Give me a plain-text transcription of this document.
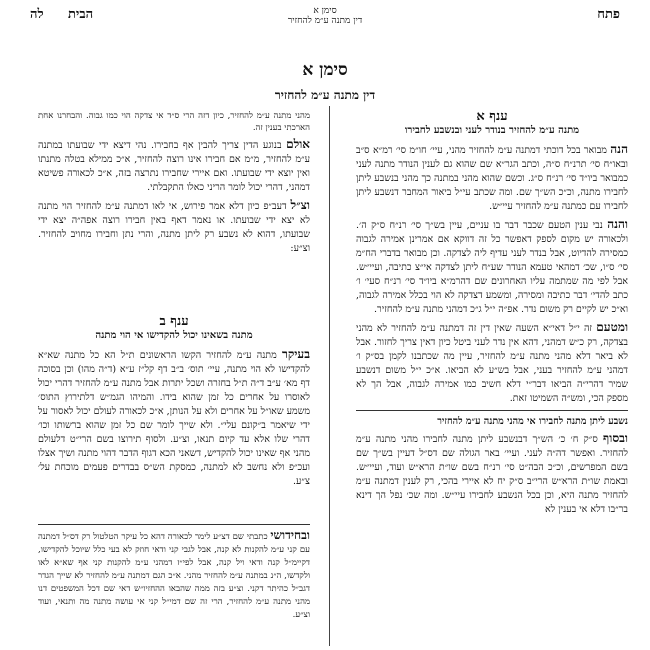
פתח
סימן א
דין מתנה ע״מ להחזיר
הבית
לה
סימן א
דין מתנה ע״מ להחזיר
ענף א
מתנה ע״מ להחזיר בנודר לעני ובנשבע לחבירו

הנה מבואר בכל דוכתי דמתנה ע״מ להחזיר מהני, עיי׳ חו״מ סי׳ רמ״א ס״ב ובאו״ח סי׳ תרנ״ח ס״ה, וכתב הגר״א שם שהוא גם לענין הנודר מתנה לעני כמבואר ביו״ד סי׳ רנ״ח ס״ג. וכשם שהוא מהני במתנה כך מהני בנשבע ליתן לחבירו מתנה, וכ״כ הש״ך שם. ומה שכתב עי״ל ביאור המחבר דנשבע ליתן לחבירו עם כמתנה ע״מ להחזיר עיי״ש.

והנה נבי ענין הטעם שכבר דבר בו עניים, עיין בש״ך סי׳ רנ״ח ס״ק ה׳. ולכאורה יש מקום לספק דאפשר כל זה דווקא אם אמרינן אמירה לגבוה כמסירה להדיוט, אבל בנדר לעני עדיף ליה לצדקה. וכן מבואר בדברי הח״מ סי׳ ס״ו, שכ׳ דמהאי טעמא הנודר שע״ח ליתן לצדקה אי״צ כתיבה, ועיי״ש. אבל לפי מה שמתמה עליו האחרונים שם דהרמ״א ביו״ד סי׳ רנ״ח סעי׳ ו׳ כתב להדי׳ דבר כתיבה ומסירה, ומשמע דצדקה לא הוי בכלל אמירה לגבוה, וא״כ יש לקיים רק משום נדר. אפ״ה י״ל ג״כ דמהני מתנה ע״מ להחזיר.

ומטעם זה י״ל דאי״א השעה שאין דין זה דמתנה ע״מ להחזיר לא מהני בצדקה, רק כ״ש דמהני, דהא אין נדר לעני ביטל כיון דאין צריך לחזור. אבל לא ביאר דלא מהני מתנה ע״מ להחזיר, עיין מה שכתבנו לקמן בס״ק ו׳ דמהני ע״מ להחזיר בעני, אבל בש״ע לא הביאו. א״כ י״ל משום דנשבע שמיר דהרי״ה הביאו דבר״י דלא חשיב כמו אמירה לגבוה, אבל הך לא מספק הכי, ומש״ה השמיטו זאת.

נשבע ליתן מתנה לחבירו אי מהני מתנה ע״מ להחזיר

ובסוף ס״ק ח׳ כ׳ הש״ך דבנשבע ליתן מתנה לחבירו מהני מתנה ע״מ להחזיר. ואפשר דה״ה לעני. ועיי׳ באר הגולה שם דס״ל דעיין בש״ך שם בשם המפרשים, וכ״כ הבה״ט סי׳ רנ״ח בשם שו״ת הרא״ש ועוד, ועיי״ש. ובאמת שו״ת הרא״ש הרי״ב ס״ק יח לא איירי בהכי, רק לענין דמתנה ע״מ להחזיר מתנה היא, וכן בכל הנשבע לחבירו עיי״ש. ומה שכ׳ נפל הך דינא בר״בו דלא אי בענין לא

מהני מתנה ע״מ להחזיר, כיון דזה הרי ס״ד אי צדקה הוי כמו גבוה. והבחרנו אחת הארכתי בענין זה.

אולם בנוגע הדין צריך להבין אף בחבירו. נהי דיצא ידי שבועתו במתנה ע״מ להחזיר, מ״מ אם חבירו אינו רוצה להחזיר, א״כ ממילא בטלה מתנתו ואין יוצא ידי שבועתו. ואם איירי שחבירו נתרצה בזה, א״כ לכאורה פשיטא דמהני, דהרי יכול לומר הריני כאלו התקבלתי.

וצ״ל דעב״פ כיון דלא אמר פירוש, אי לאו דמתנה ע״מ להחזיר הוי מתנה לא יצא ידי שבועתו. או נאמר דאף באין חבירו רוצה אפה״ה יצא ידי שבועתו, דהוא לא נשבע רק ליתן מתנה, והרי נתן וחבירו מחויב להחזיר. וצ״ע:

ענף ב
מתנה בשאינו יכול להקדישו אי הוי מתנה

בעיקר מתנה ע״מ להחזיר הקשו הראשונים ת״ל הא כל מתנה שא״א להקדישו לא הוי מתנה, עיי׳ תוס׳ ב״ב דף קל״ז ע״א (ד״ה מהו) וכן בסוכה דף מא׳ ע״ב ד״ה ת״ל בחזרה ושכל יתרות אבל מתנה ע״מ להחזיר דהרי יכול לאוסרו על אחרים כל זמן שהוא בידו. והמיהו הגמ״ש דלתירוץ התוס׳ משמע שאו״ל על אחרים ולא על הנותן, א״כ לכאורה לעולם יכול לאסור על ידי שיאמר ב״קונם עלי״. ולא שייך לומר שם כל זמן שהוא ברשותו וכו׳ דהרי שלו אלא עד קיום תנאו, וצ״ע. ולסוף תירוצו בשם הרי״ט דלעולם מהני אף שאינו יכול להקדיש, דשאני הכא דגוף הדבר דהוי מתנה ושיך אצלו ועכ״פ ולא נחשב לא למתנה, כמסקת הש״ס בבדרים פעמים מוכחת על׳ צ״ע.

ובחידושי כתבתי שם דצ״ע לימר לכאורה דהא כל עיקר הטלטול רק דס״ל דמתנה עם קני ע״מ להקנות לא קנה, אבל לגבי קני ודאי חוזק לא בעי כלל שיוכל להקדישו, דקיימ״ל קנה ודאי ויל קנה, אבל לפי״ז דמהני ע״מ להקנות קני אף שא״א לאו ולקדשו, ה״נ במתנה ע״מ להחזיר מהני. א״כ הגם דמתנה ע״מ להחזיר לא שייך הגדר דגב״ל כהיתר דקני. וצ״ע בזה ממה שהבאו ההחזיו״ש דאי שם דכל המשפטים דנו מהני מתנה ע״מ להחזיר, הרי זה שם דמי״ל קני אי עושה מתנה מה ותנאי, ועוד וצ״ע.
